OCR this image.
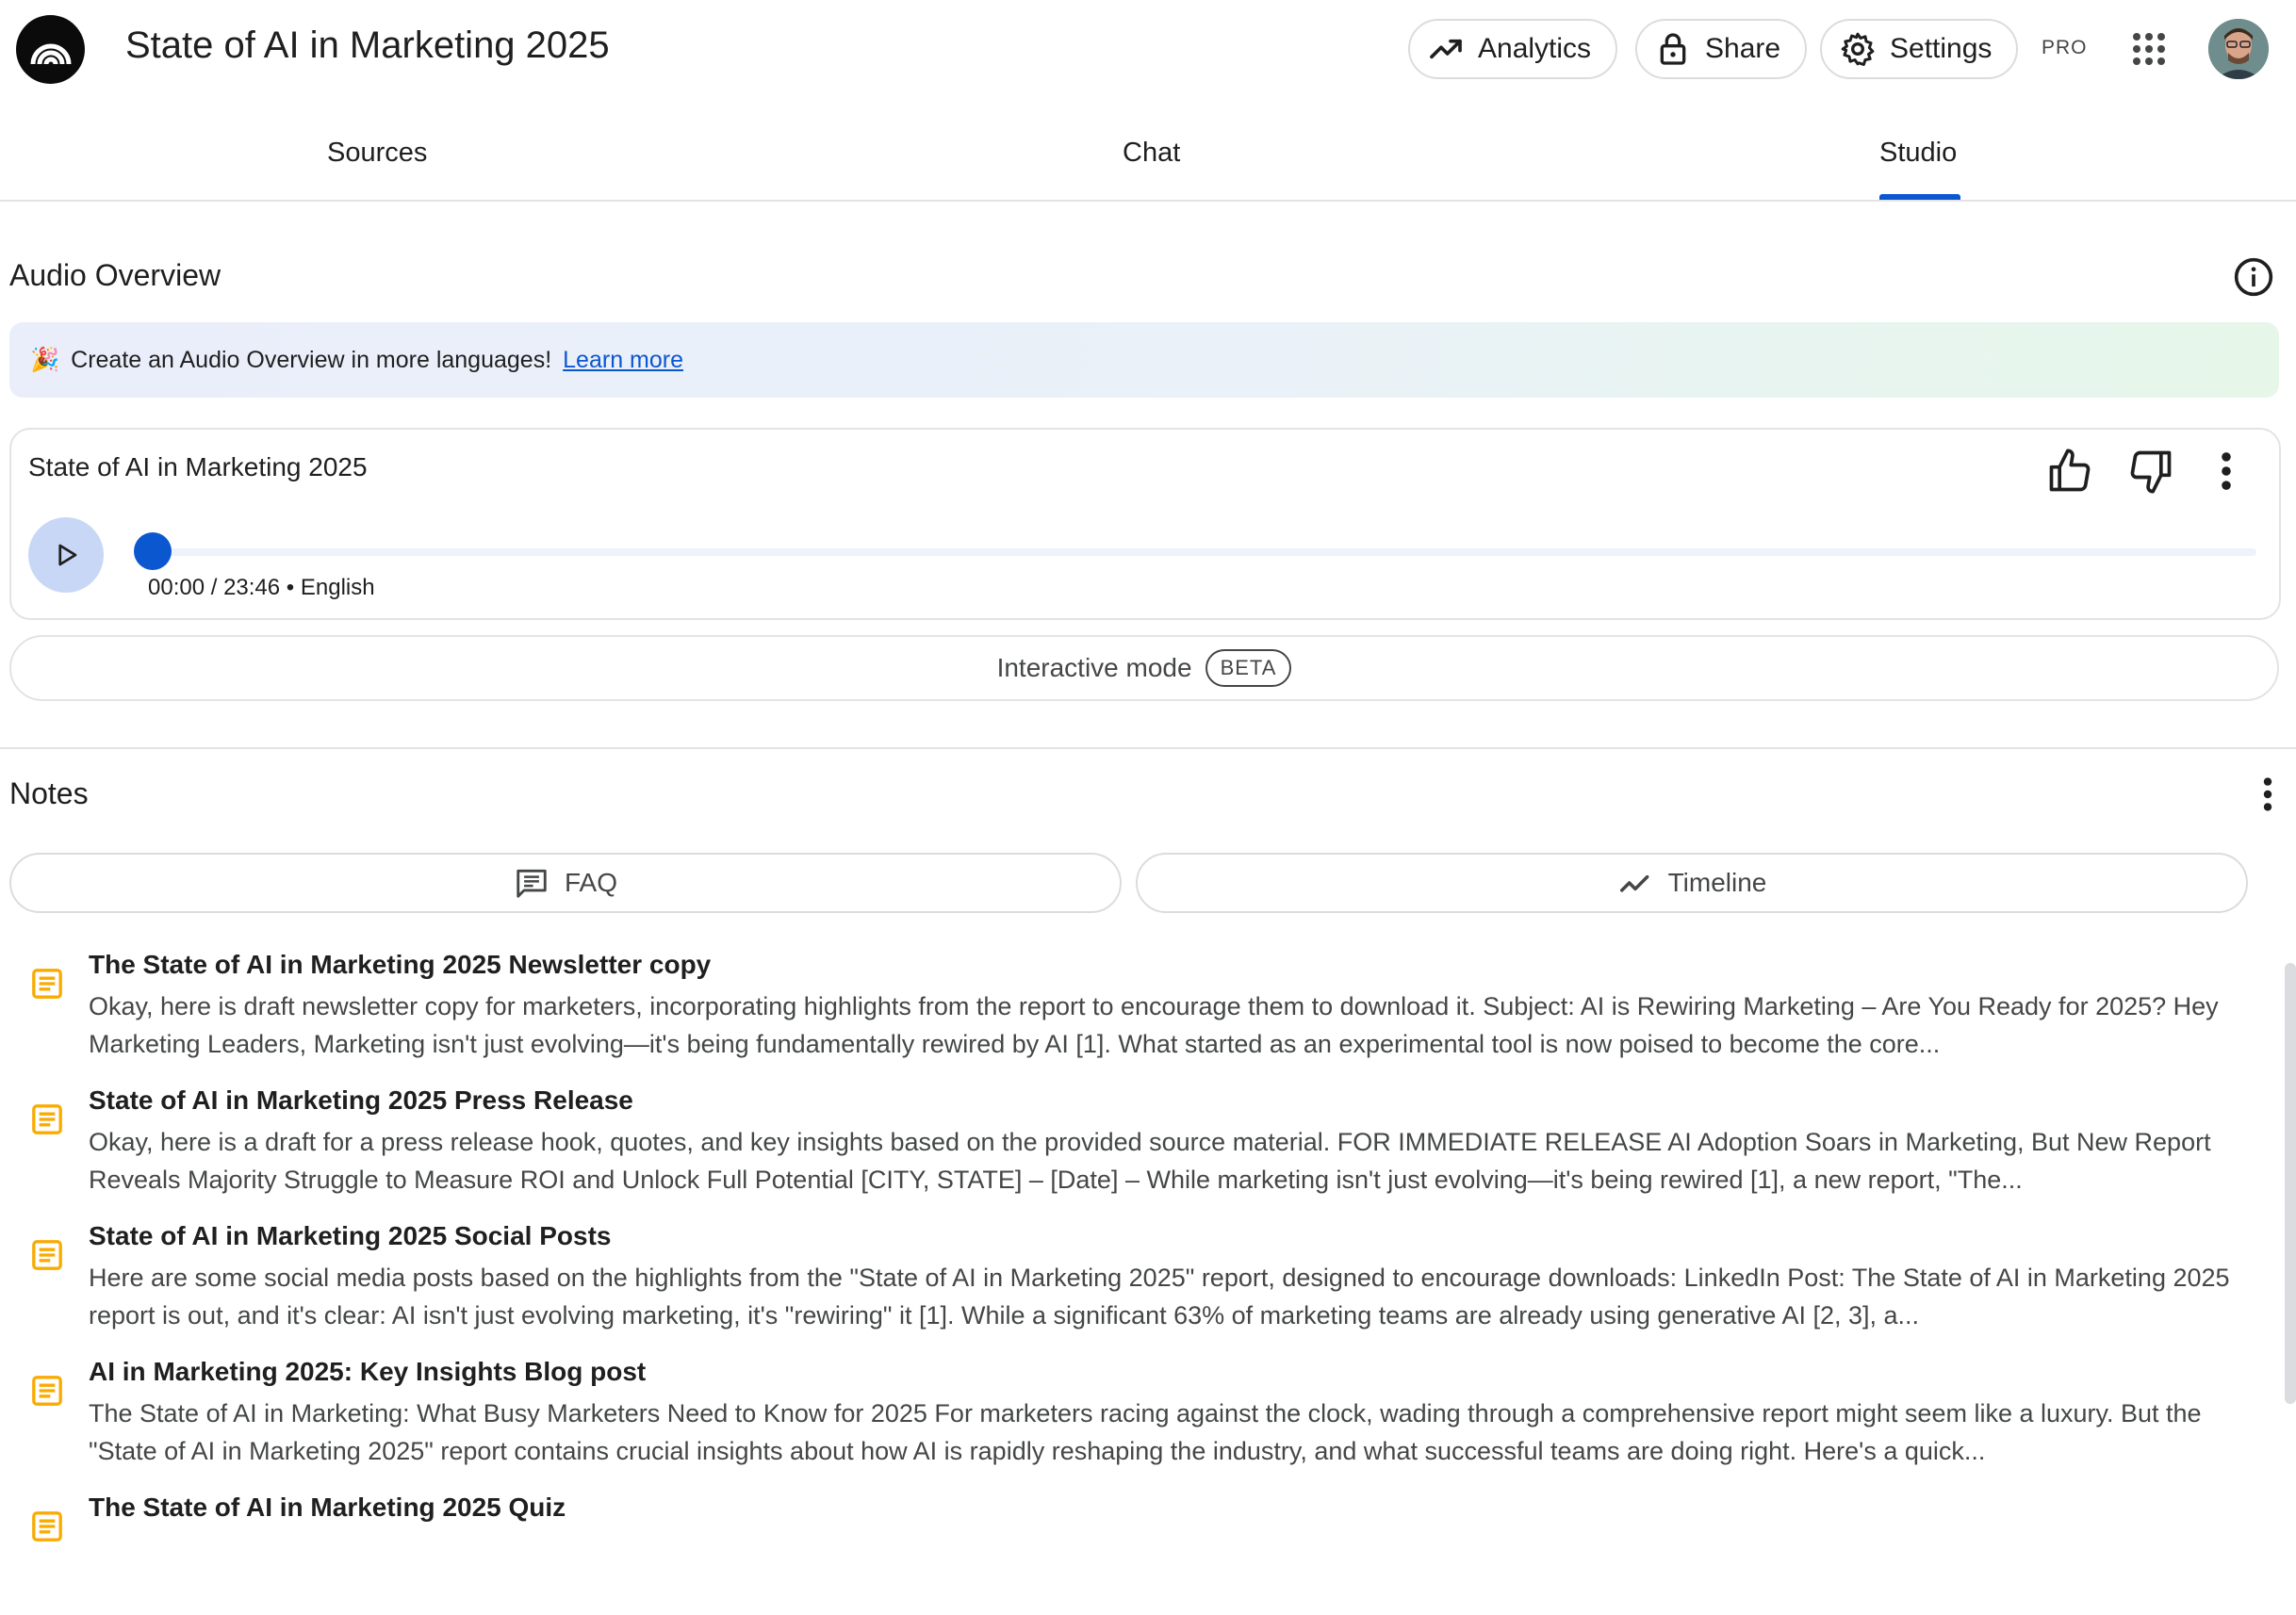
State of AI in Marketing 2025	Analytics	Share	Settings	PRO
Sources	Chat	Studio
Audio Overview
🎉 Create an Audio Overview in more languages! Learn more
State of AI in Marketing 2025
00:00 / 23:46 • English
Interactive mode	BETA
Notes
FAQ	Timeline
The State of AI in Marketing 2025 Newsletter copy
Okay, here is draft newsletter copy for marketers, incorporating highlights from the report to encourage them to download it. Subject: AI is Rewiring Marketing – Are You Ready for 2025? Hey Marketing Leaders, Marketing isn't just evolving—it's being fundamentally rewired by AI [1]. What started as an experimental tool is now poised to become the core...
State of AI in Marketing 2025 Press Release
Okay, here is a draft for a press release hook, quotes, and key insights based on the provided source material. FOR IMMEDIATE RELEASE AI Adoption Soars in Marketing, But New Report Reveals Majority Struggle to Measure ROI and Unlock Full Potential [CITY, STATE] – [Date] – While marketing isn't just evolving—it's being rewired [1], a new report, "The...
State of AI in Marketing 2025 Social Posts
Here are some social media posts based on the highlights from the "State of AI in Marketing 2025" report, designed to encourage downloads: LinkedIn Post: The State of AI in Marketing 2025 report is out, and it's clear: AI isn't just evolving marketing, it's "rewiring" it [1]. While a significant 63% of marketing teams are already using generative AI [2, 3], a...
AI in Marketing 2025: Key Insights Blog post
The State of AI in Marketing: What Busy Marketers Need to Know for 2025 For marketers racing against the clock, wading through a comprehensive report might seem like a luxury. But the "State of AI in Marketing 2025" report contains crucial insights about how AI is rapidly reshaping the industry, and what successful teams are doing right. Here's a quick...
The State of AI in Marketing 2025 Quiz
